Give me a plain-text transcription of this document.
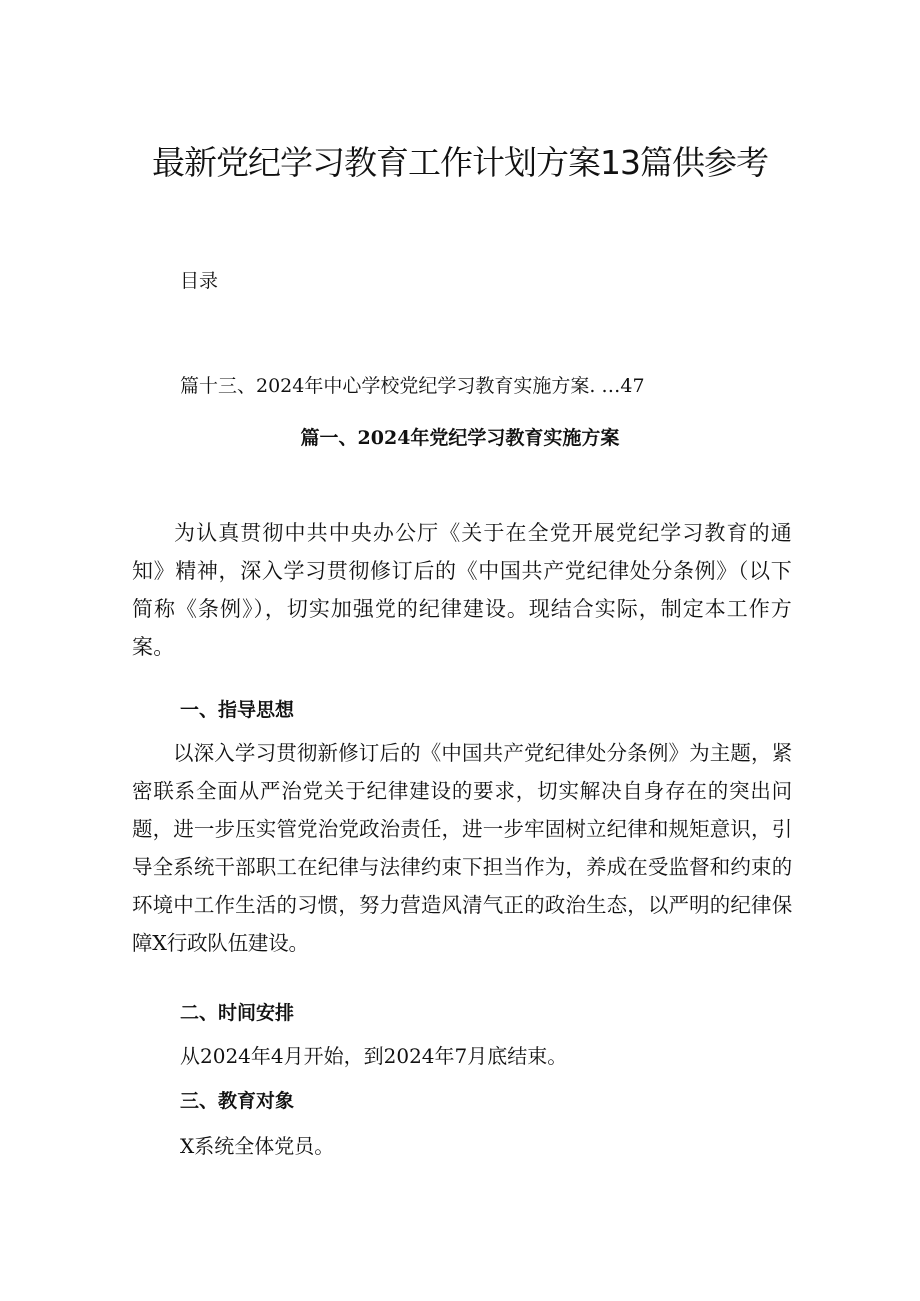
最新党纪学习教育工作计划方案13篇供参考

目录

篇十三、2024年中心学校党纪学习教育实施方案. …47

篇一、2024年党纪学习教育实施方案

为认真贯彻中共中央办公厅《关于在全党开展党纪学习教育的通知》精神，深入学习贯彻修订后的《中国共产党纪律处分条例》（以下简称《条例》），切实加强党的纪律建设。现结合实际，制定本工作方案。

一、指导思想

以深入学习贯彻新修订后的《中国共产党纪律处分条例》为主题，紧密联系全面从严治党关于纪律建设的要求，切实解决自身存在的突出问题，进一步压实管党治党政治责任，进一步牢固树立纪律和规矩意识，引导全系统干部职工在纪律与法律约束下担当作为，养成在受监督和约束的环境中工作生活的习惯，努力营造风清气正的政治生态，以严明的纪律保障X行政队伍建设。

二、时间安排

从2024年4月开始，到2024年7月底结束。

三、教育对象

X系统全体党员。
